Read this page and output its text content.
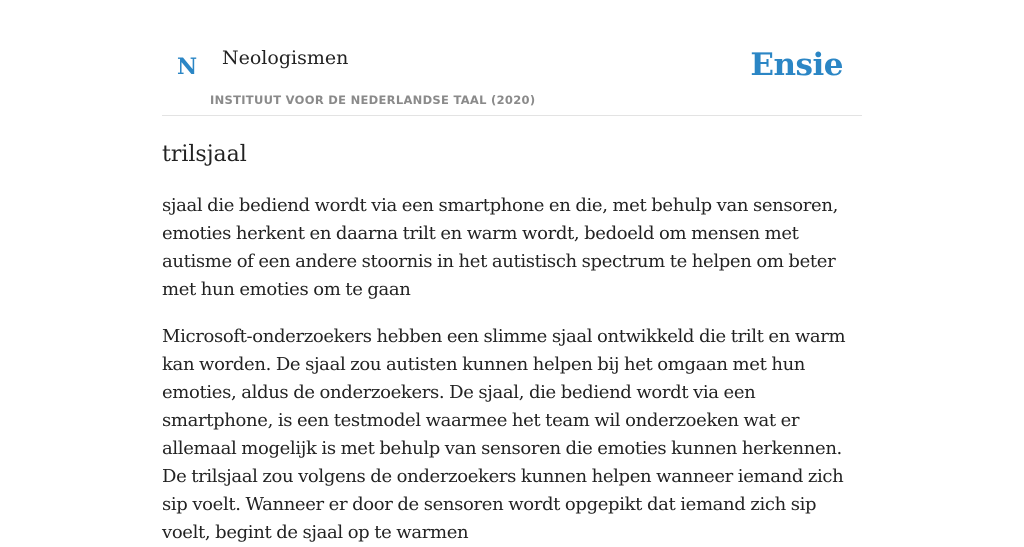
N Neologismen
INSTITUUT VOOR DE NEDERLANDSE TAAL (2020)
Ensie
trilsjaal

sjaal die bediend wordt via een smartphone en die, met behulp van sensoren, emoties herkent en daarna trilt en warm wordt, bedoeld om mensen met autisme of een andere stoornis in het autistisch spectrum te helpen om beter met hun emoties om te gaan

Microsoft-onderzoekers hebben een slimme sjaal ontwikkeld die trilt en warm kan worden. De sjaal zou autisten kunnen helpen bij het omgaan met hun emoties, aldus de onderzoekers. De sjaal, die bediend wordt via een smartphone, is een testmodel waarmee het team wil onderzoeken wat er allemaal mogelijk is met behulp van sensoren die emoties kunnen herkennen. De trilsjaal zou volgens de onderzoekers kunnen helpen wanneer iemand zich sip voelt. Wanneer er door de sensoren wordt opgepikt dat iemand zich sip voelt, begint de sjaal op te warmen
